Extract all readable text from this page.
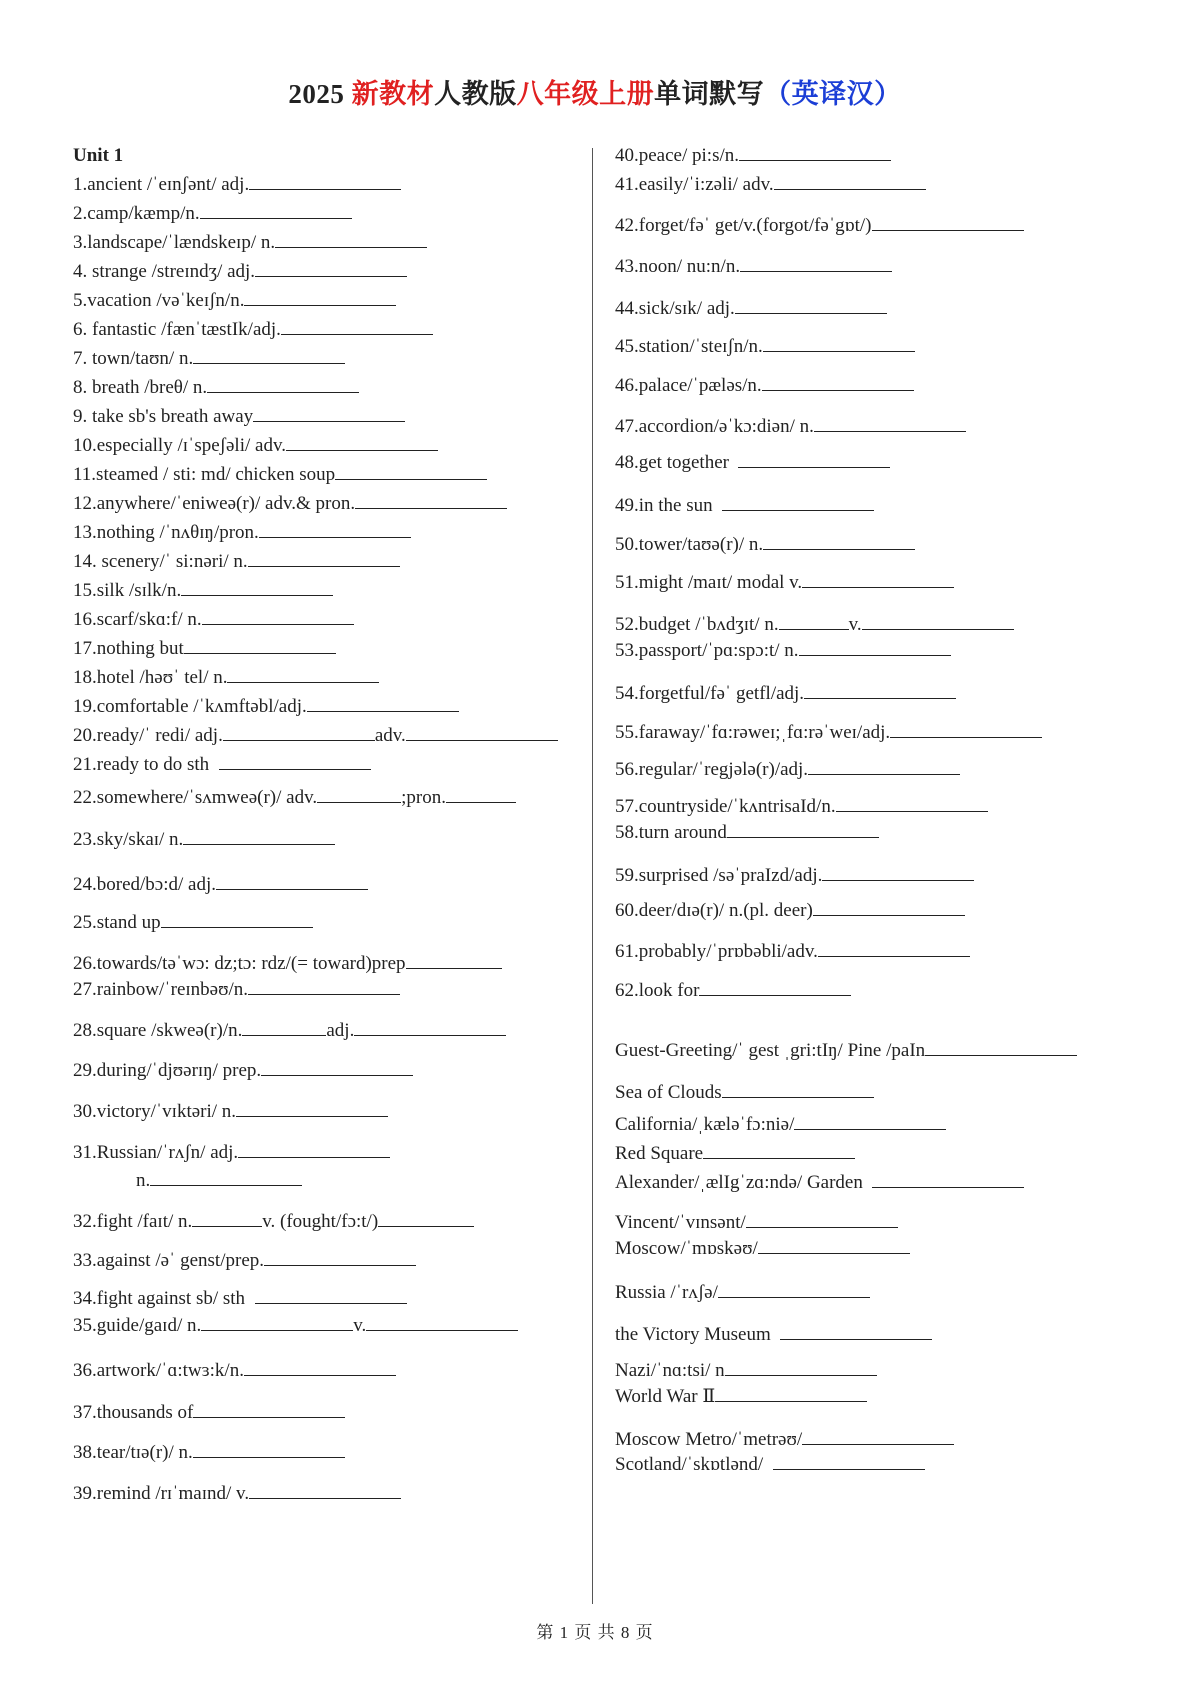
2025 新教材人教版八年级上册单词默写（英译汉）
Unit 1
1.ancient /ˈeɪnʃənt/ adj.
2.camp/kæmp/n.
3.landscape/ˈlændskeɪp/ n.
4. strange /streɪndʒ/ adj.
5.vacation /vəˈkeɪʃn/n.
6. fantastic /fænˈtæstIk/adj.
7. town/taʊn/ n.
8. breath /breθ/ n.
9. take sb's breath away
10.especially /ɪˈspeʃəli/ adv.
11.steamed / sti: md/ chicken soup
12.anywhere/ˈeniweə(r)/ adv.& pron.
13.nothing /ˈnʌθɪŋ/pron.
14. scenery/ˈ si:nəri/ n.
15.silk /sɪlk/n.
16.scarf/skɑ:f/ n.
17.nothing but
18.hotel /həʊˈ tel/ n.
19.comfortable /ˈkʌmftəbl/adj.
20.ready/ˈ redi/ adj.	adv.
21.ready to do sth
22.somewhere/ˈsʌmweə(r)/ adv.	;pron.
23.sky/skaɪ/ n.
24.bored/bɔ:d/ adj.
25.stand up
26.towards/təˈwɔ: dz;tɔ: rdz/(= toward)prep
27.rainbow/ˈreɪnbəʊ/n.
28.square /skweə(r)/n.	adj.
29.during/ˈdjʊərɪŋ/ prep.
30.victory/ˈvɪktəri/ n.
31.Russian/ˈrʌʃn/ adj.
n.
32.fight /faɪt/ n.	v. (fought/fɔ:t/)
33.against /əˈ genst/prep.
34.fight against sb/ sth
35.guide/gaɪd/ n.	v.
36.artwork/ˈɑ:twɜ:k/n.
37.thousands of
38.tear/tɪə(r)/ n.
39.remind /rɪˈmaɪnd/ v.
40.peace/ pi:s/n.
41.easily/ˈi:zəli/ adv.
42.forget/fəˈ get/v.(forgot/fəˈgɒt/)
43.noon/ nu:n/n.
44.sick/sɪk/ adj.
45.station/ˈsteɪʃn/n.
46.palace/ˈpæləs/n.
47.accordion/əˈkɔ:diən/ n.
48.get together
49.in the sun
50.tower/taʊə(r)/ n.
51.might /maɪt/ modal v.
52.budget /ˈbʌdʒɪt/ n.	v.
53.passport/ˈpɑ:spɔ:t/ n.
54.forgetful/fəˈ getfl/adj.
55.faraway/ˈfɑ:rəweɪ;ˌfɑ:rəˈweɪ/adj.
56.regular/ˈregjələ(r)/adj.
57.countryside/ˈkʌntrisaId/n.
58.turn around
59.surprised /səˈpraIzd/adj.
60.deer/dɪə(r)/ n.(pl. deer)
61.probably/ˈprɒbəbli/adv.
62.look for
Guest-Greeting/ˈ gest ˌgri:tIŋ/ Pine /paIn
Sea of Clouds
California/ˌkæləˈfɔ:niə/
Red Square
Alexander/ˌælIgˈzɑ:ndə/ Garden
Vincent/ˈvɪnsənt/
Moscow/ˈmɒskəʊ/
Russia /ˈrʌʃə/
the Victory Museum
Nazi/ˈnɑ:tsi/ n
World War Ⅱ
Moscow Metro/ˈmetrəʊ/
Scotland/ˈskɒtlənd/
第 1 页 共 8 页
